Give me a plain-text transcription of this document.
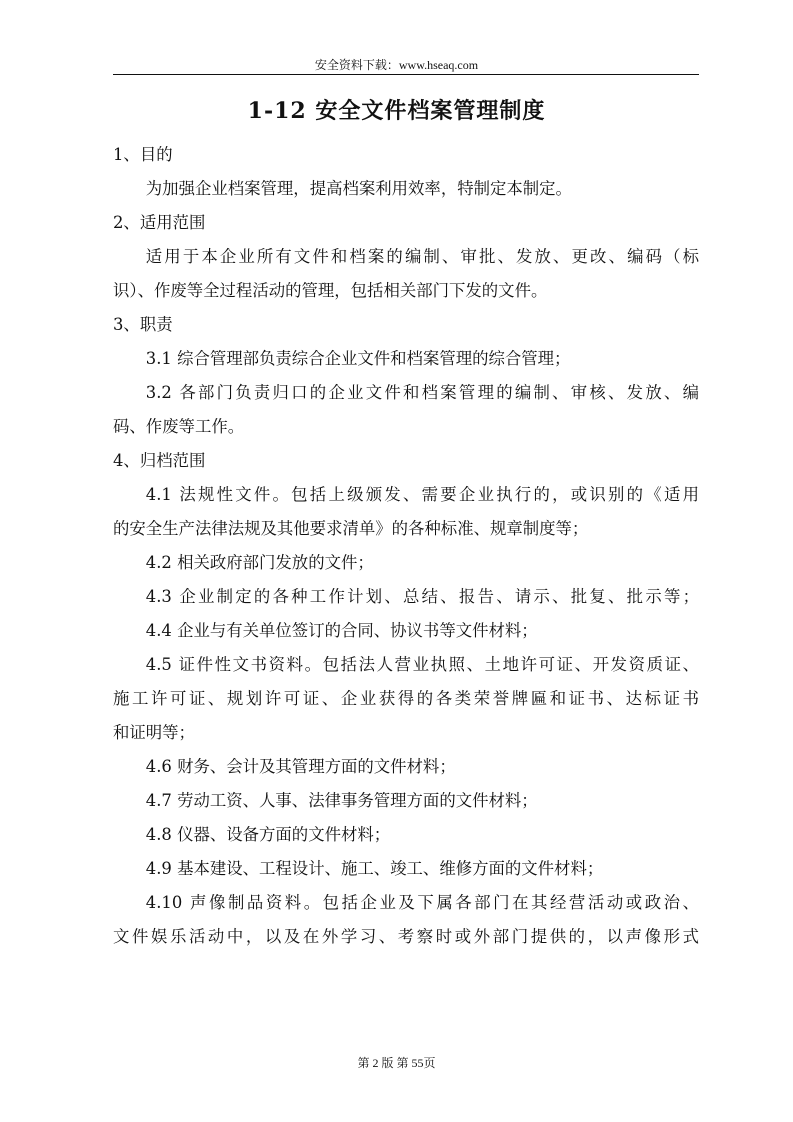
安全资料下载：www.hseaq.com
1-12 安全文件档案管理制度
1、目的
为加强企业档案管理，提高档案利用效率，特制定本制定。
2、适用范围
适用于本企业所有文件和档案的编制、审批、发放、更改、编码（标
识）、作废等全过程活动的管理，包括相关部门下发的文件。
3、职责
3.1 综合管理部负责综合企业文件和档案管理的综合管理；
3.2 各部门负责归口的企业文件和档案管理的编制、审核、发放、编
码、作废等工作。
4、归档范围
4.1 法规性文件。包括上级颁发、需要企业执行的，或识别的《适用
的安全生产法律法规及其他要求清单》的各种标准、规章制度等；
4.2 相关政府部门发放的文件；
4.3 企业制定的各种工作计划、总结、报告、请示、批复、批示等；
4.4 企业与有关单位签订的合同、协议书等文件材料；
4.5 证件性文书资料。包括法人营业执照、土地许可证、开发资质证、
施工许可证、规划许可证、企业获得的各类荣誉牌匾和证书、达标证书
和证明等；
4.6 财务、会计及其管理方面的文件材料；
4.7 劳动工资、人事、法律事务管理方面的文件材料；
4.8 仪器、设备方面的文件材料；
4.9 基本建设、工程设计、施工、竣工、维修方面的文件材料；
4.10 声像制品资料。包括企业及下属各部门在其经营活动或政治、
文件娱乐活动中，以及在外学习、考察时或外部门提供的，以声像形式
第 2 版 第 55页
